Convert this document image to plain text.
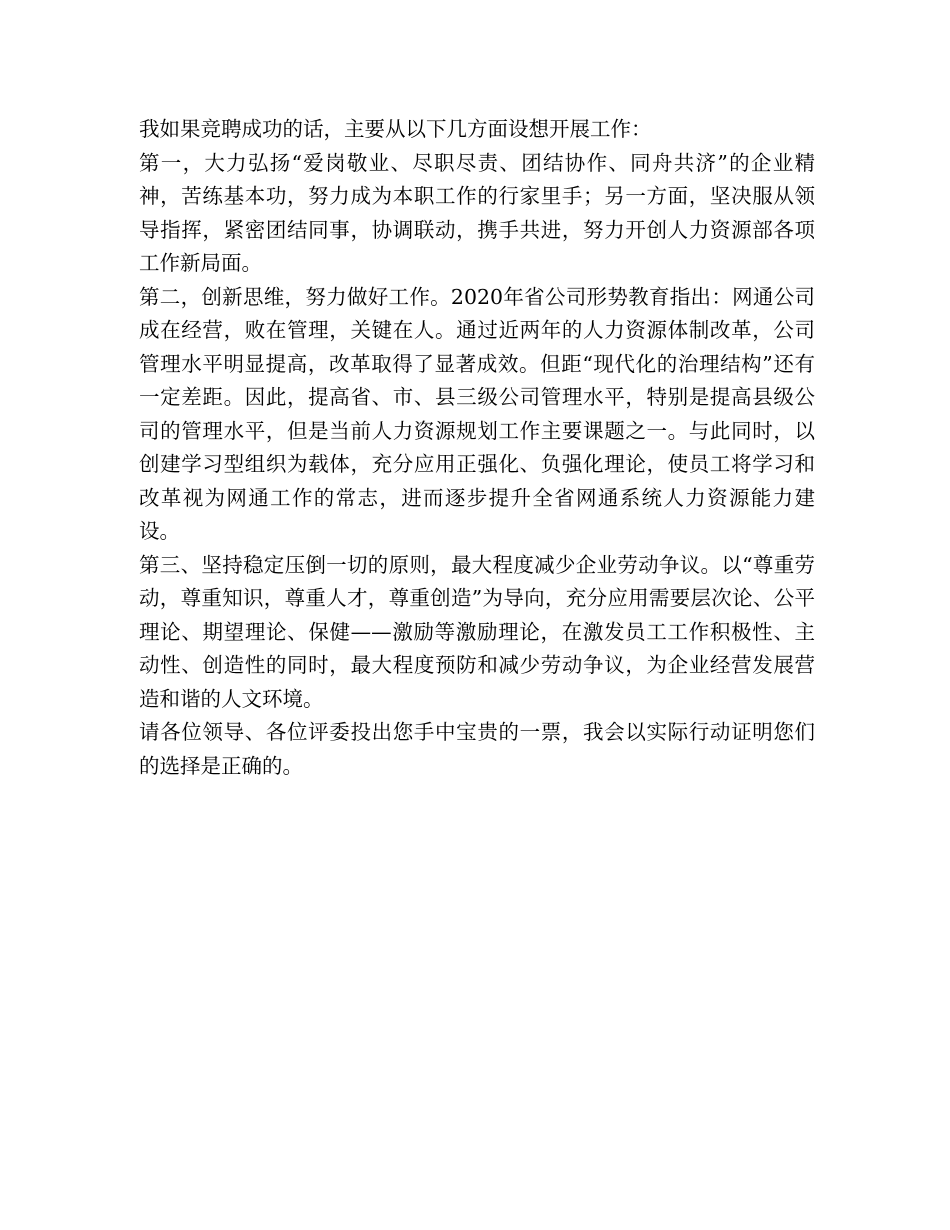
我如果竞聘成功的话，主要从以下几方面设想开展工作：

第一，大力弘扬“爱岗敬业、尽职尽责、团结协作、同舟共济”的企业精神，苦练基本功，努力成为本职工作的行家里手；另一方面，坚决服从领导指挥，紧密团结同事，协调联动，携手共进，努力开创人力资源部各项工作新局面。

第二，创新思维，努力做好工作。2020年省公司形势教育指出：网通公司成在经营，败在管理，关键在人。通过近两年的人力资源体制改革，公司管理水平明显提高，改革取得了显著成效。但距“现代化的治理结构”还有一定差距。因此，提高省、市、县三级公司管理水平，特别是提高县级公司的管理水平，但是当前人力资源规划工作主要课题之一。与此同时，以创建学习型组织为载体，充分应用正强化、负强化理论，使员工将学习和改革视为网通工作的常志，进而逐步提升全省网通系统人力资源能力建设。

第三、坚持稳定压倒一切的原则，最大程度减少企业劳动争议。以“尊重劳动，尊重知识，尊重人才，尊重创造”为导向，充分应用需要层次论、公平理论、期望理论、保健——激励等激励理论，在激发员工工作积极性、主动性、创造性的同时，最大程度预防和减少劳动争议，为企业经营发展营造和谐的人文环境。

请各位领导、各位评委投出您手中宝贵的一票，我会以实际行动证明您们的选择是正确的。
